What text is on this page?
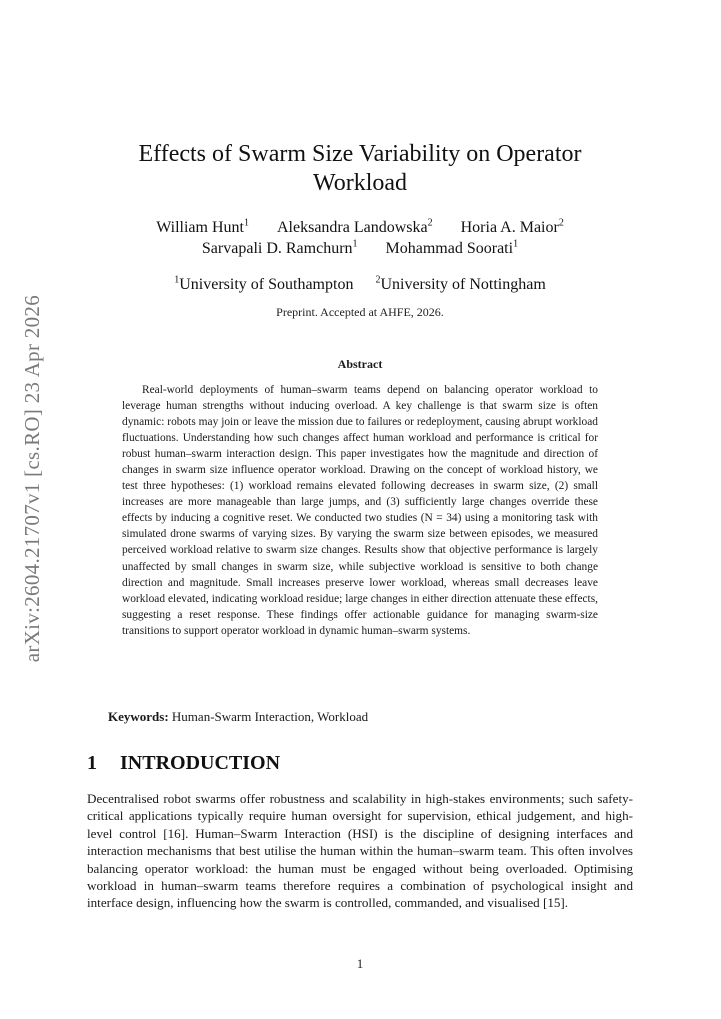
arXiv:2604.21707v1 [cs.RO] 23 Apr 2026
Effects of Swarm Size Variability on Operator Workload
William Hunt$^1$ Aleksandra Landowska$^2$ Horia A. Maior$^2$
Sarvapali D. Ramchurn$^1$ Mohammad Soorati$^1$
$^1$University of Southampton $^2$University of Nottingham
Preprint. Accepted at AHFE, 2026.
Abstract

Real-world deployments of human–swarm teams depend on balancing operator workload to leverage human strengths without inducing overload. A key challenge is that swarm size is often dynamic: robots may join or leave the mission due to failures or redeployment, causing abrupt workload fluctuations. Understanding how such changes affect human workload and performance is critical for robust human–swarm interaction design. This paper investigates how the magnitude and direction of changes in swarm size influence operator workload. Drawing on the concept of workload history, we test three hypotheses: (1) workload remains elevated following decreases in swarm size, (2) small increases are more manageable than large jumps, and (3) sufficiently large changes override these effects by inducing a cognitive reset. We conducted two studies (N = 34) using a monitoring task with simulated drone swarms of varying sizes. By varying the swarm size between episodes, we measured perceived workload relative to swarm size changes. Results show that objective performance is largely unaffected by small changes in swarm size, while subjective workload is sensitive to both change direction and magnitude. Small increases preserve lower workload, whereas small decreases leave workload elevated, indicating workload residue; large changes in either direction attenuate these effects, suggesting a reset response. These findings offer actionable guidance for managing swarm-size transitions to support operator workload in dynamic human–swarm systems.

Keywords: Human-Swarm Interaction, Workload
1 INTRODUCTION

Decentralised robot swarms offer robustness and scalability in high-stakes environments; such safety-critical applications typically require human oversight for supervision, ethical judgement, and high-level control [16]. Human–Swarm Interaction (HSI) is the discipline of designing interfaces and interaction mechanisms that best utilise the human within the human–swarm team. This often involves balancing operator workload: the human must be engaged without being overloaded. Optimising workload in human–swarm teams therefore requires a combination of psychological insight and interface design, influencing how the swarm is controlled, commanded, and visualised [15].

1
